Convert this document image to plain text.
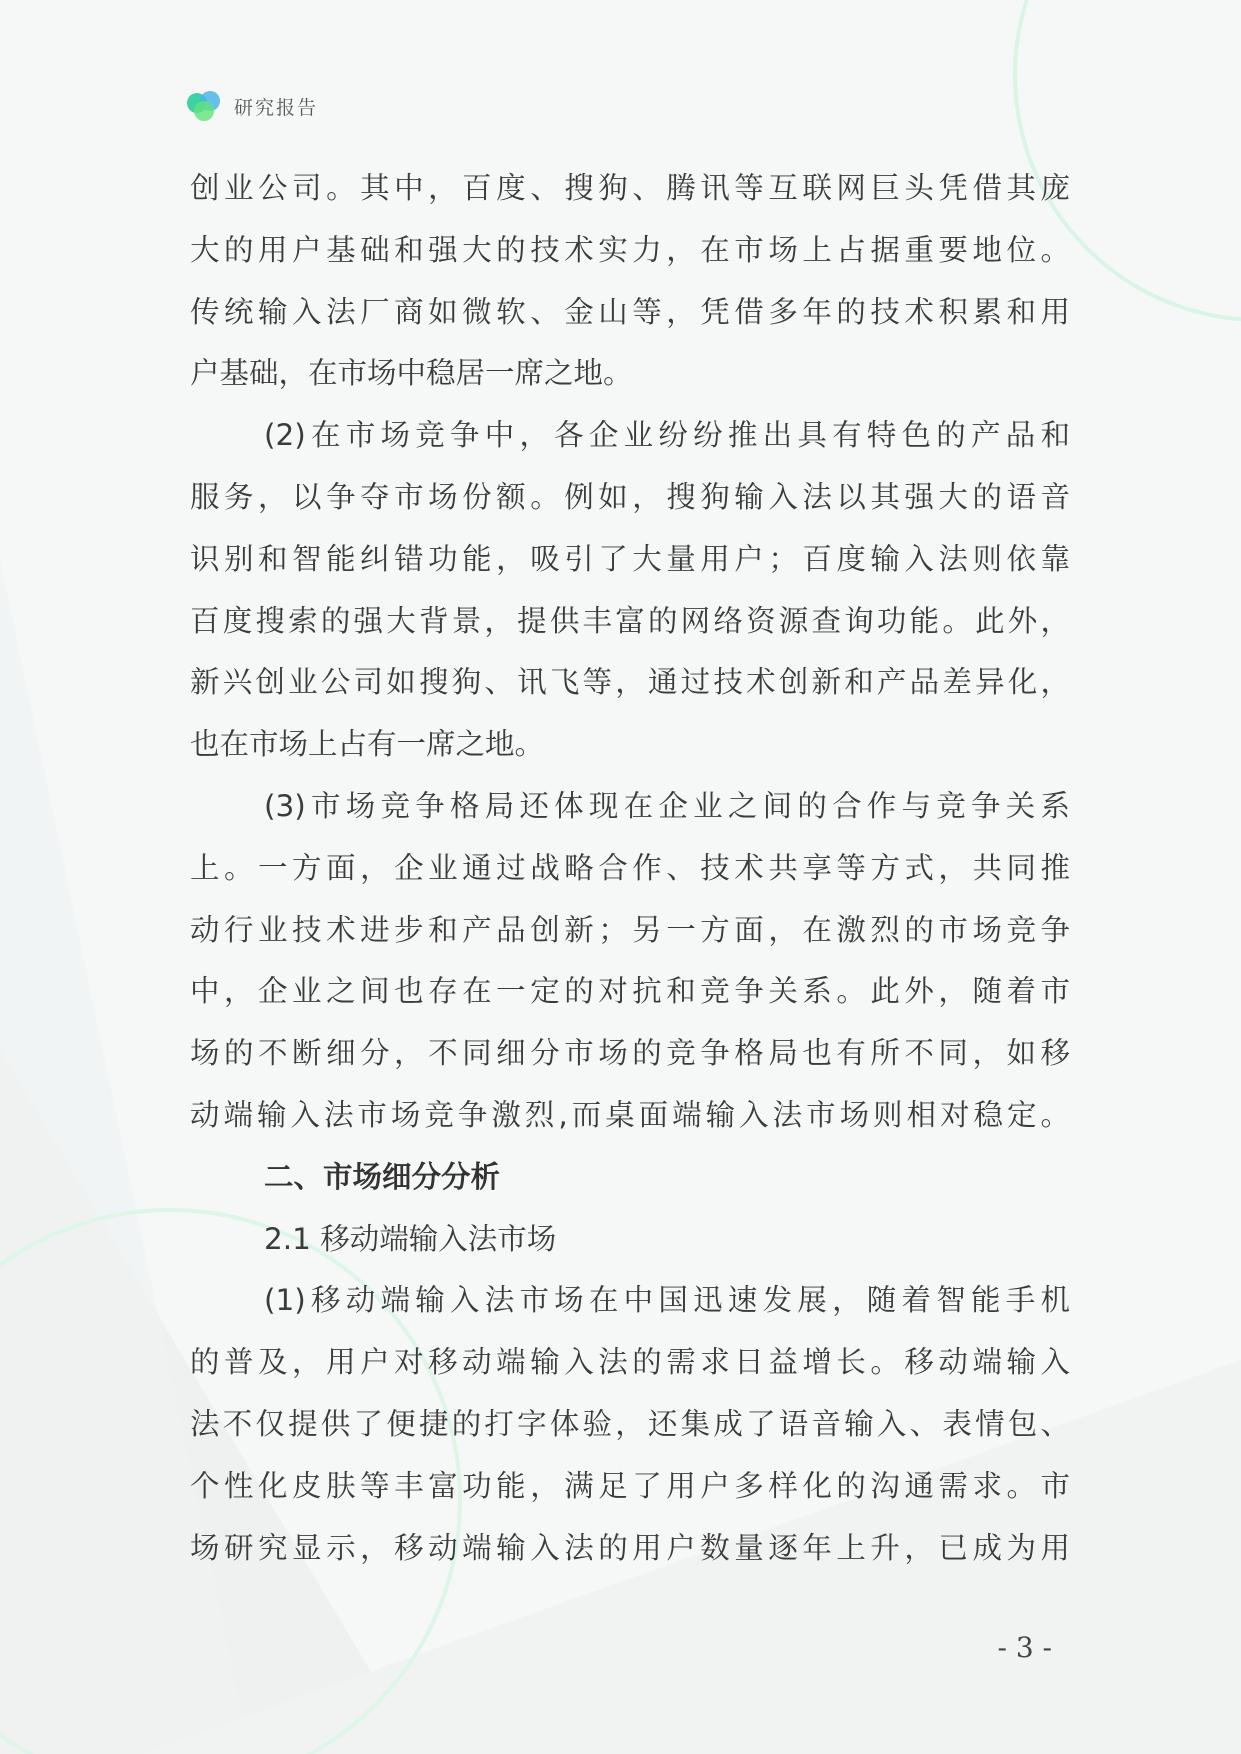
研究报告
创业公司。其中，百度、搜狗、腾讯等互联网巨头凭借其庞
大的用户基础和强大的技术实力，在市场上占据重要地位。
传统输入法厂商如微软、金山等，凭借多年的技术积累和用
户基础，在市场中稳居一席之地。
(2)在市场竞争中，各企业纷纷推出具有特色的产品和
服务，以争夺市场份额。例如，搜狗输入法以其强大的语音
识别和智能纠错功能，吸引了大量用户；百度输入法则依靠
百度搜索的强大背景，提供丰富的网络资源查询功能。此外，
新兴创业公司如搜狗、讯飞等，通过技术创新和产品差异化，
也在市场上占有一席之地。
(3)市场竞争格局还体现在企业之间的合作与竞争关系
上。一方面，企业通过战略合作、技术共享等方式，共同推
动行业技术进步和产品创新；另一方面，在激烈的市场竞争
中，企业之间也存在一定的对抗和竞争关系。此外，随着市
场的不断细分，不同细分市场的竞争格局也有所不同，如移
动端输入法市场竞争激烈,而桌面端输入法市场则相对稳定。
二、市场细分分析
2.1 移动端输入法市场
(1)移动端输入法市场在中国迅速发展，随着智能手机
的普及，用户对移动端输入法的需求日益增长。移动端输入
法不仅提供了便捷的打字体验，还集成了语音输入、表情包、
个性化皮肤等丰富功能，满足了用户多样化的沟通需求。市
场研究显示，移动端输入法的用户数量逐年上升，已成为用
- 3 -
